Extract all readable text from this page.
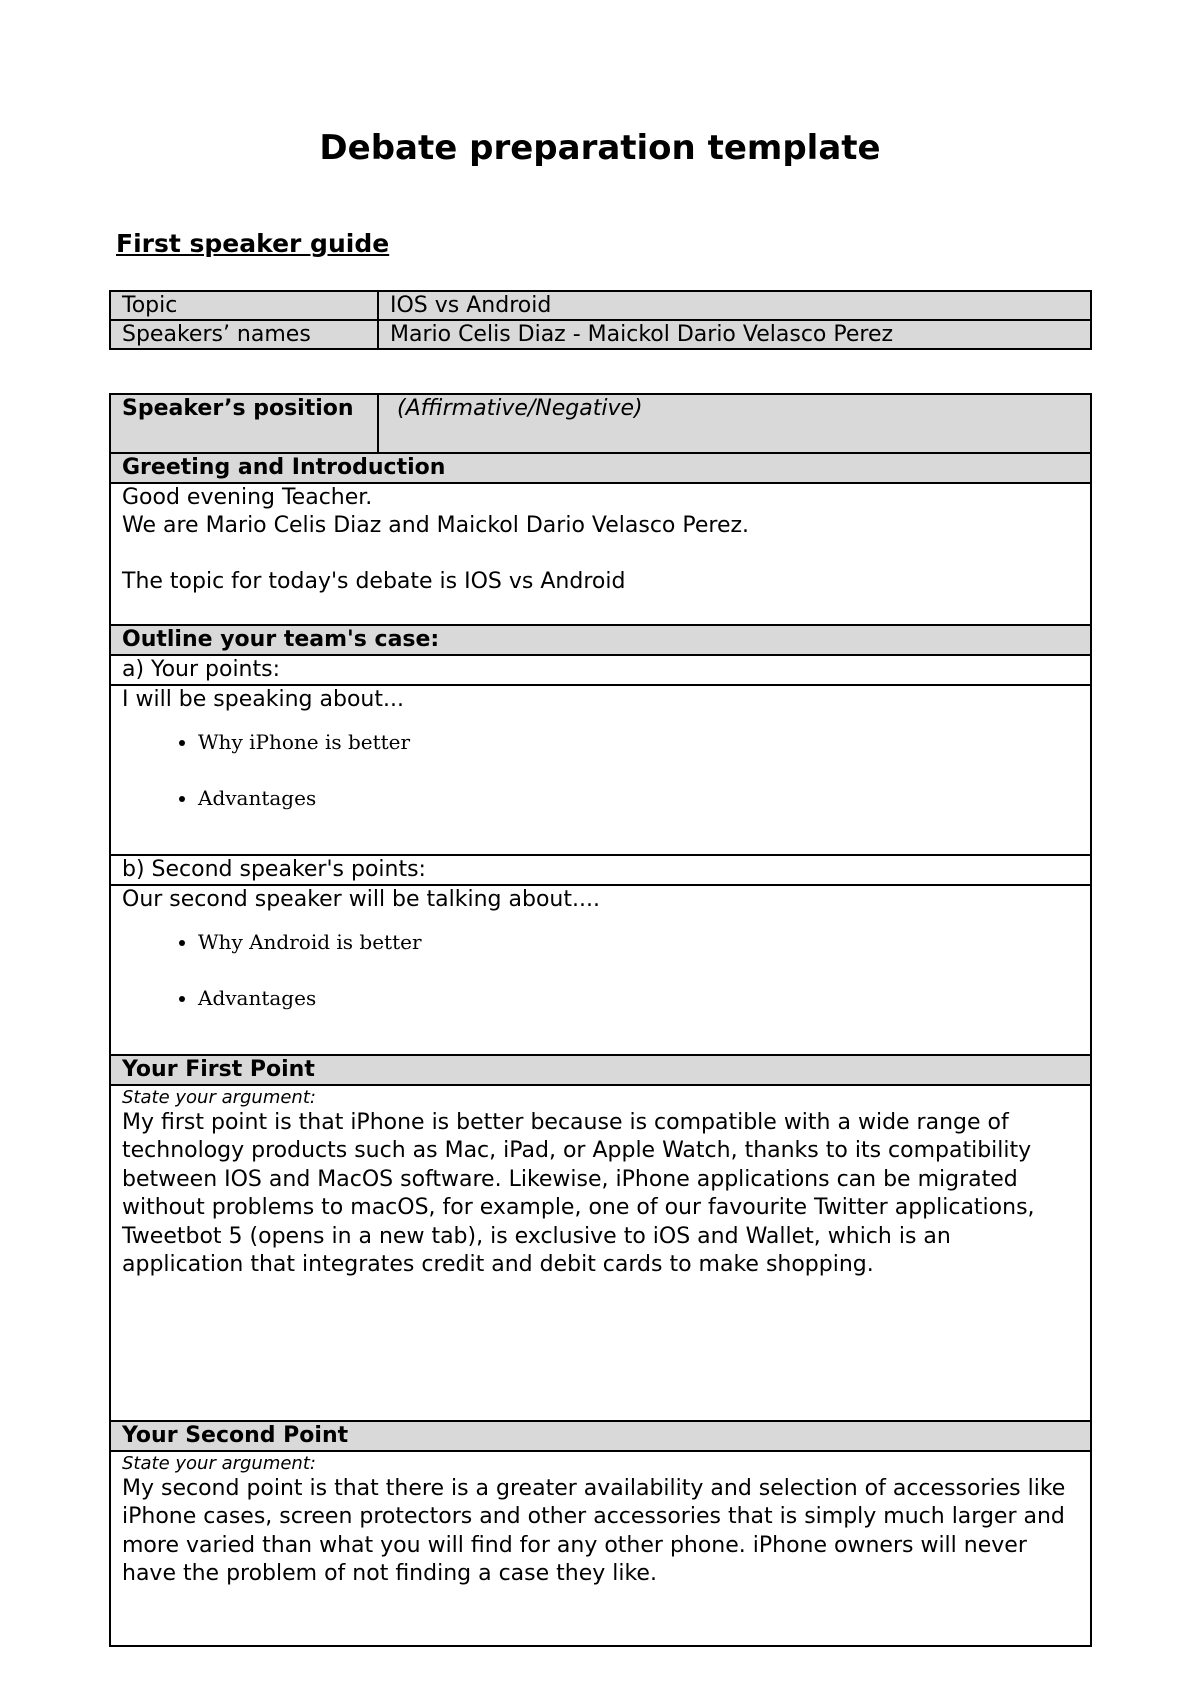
Debate preparation template
First speaker guide
Topic	IOS vs Android
Speakers’ names	Mario Celis Diaz - Maickol Dario Velasco Perez
Speaker’s position	(Affirmative/Negative)
Greeting and Introduction

Good evening Teacher.
We are Mario Celis Diaz and Maickol Dario Velasco Perez.
The topic for today's debate is IOS vs Android

Outline your team's case:
a) Your points:

I will be speaking about...
• Why iPhone is better
• Advantages

b) Second speaker's points:

Our second speaker will be talking about....
• Why Android is better
• Advantages

Your First Point

State your argument:
My first point is that iPhone is better because is compatible with a wide range of technology products such as Mac, iPad, or Apple Watch, thanks to its compatibility between IOS and MacOS software. Likewise, iPhone applications can be migrated without problems to macOS, for example, one of our favourite Twitter applications, Tweetbot 5 (opens in a new tab), is exclusive to iOS and Wallet, which is an application that integrates credit and debit cards to make shopping.

Your Second Point

State your argument:
My second point is that there is a greater availability and selection of accessories like iPhone cases, screen protectors and other accessories that is simply much larger and more varied than what you will find for any other phone. iPhone owners will never have the problem of not finding a case they like.
